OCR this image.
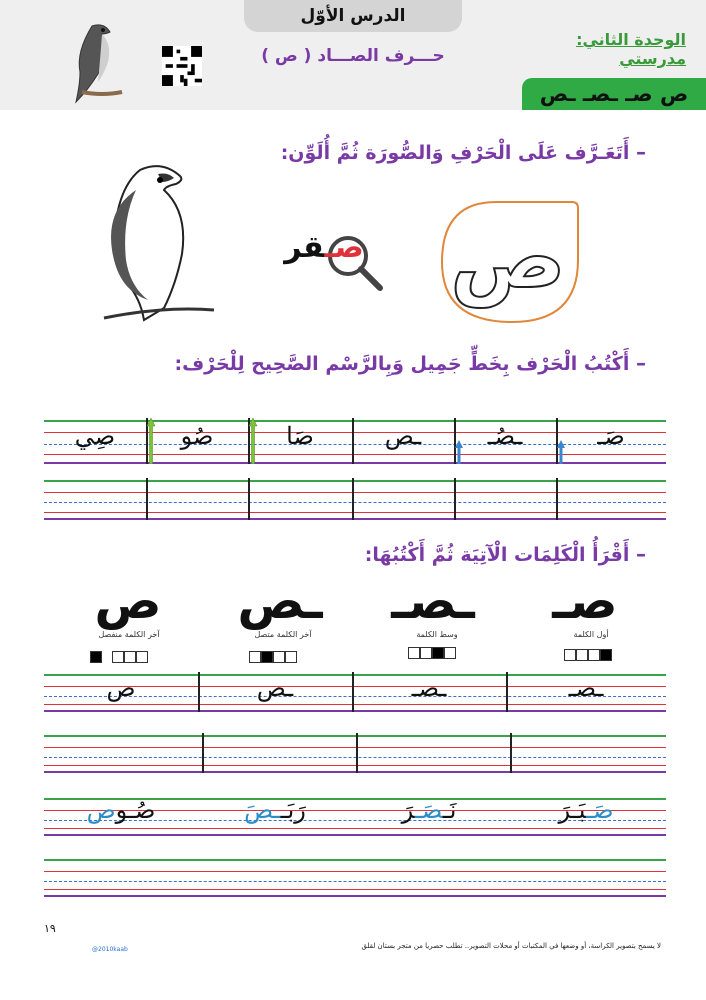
الدرس الأوّل
حـــرف الصـــاد ( ص )
الوحدة الثاني: مدرستي
ص صـ ـصـ ـص
– أَتَعَـرَّف عَلَى الْحَرْفِ وَالصُّورَة ثُمَّ أُلَوِّن:
ص
صـقر
– أَكْتُبُ الْحَرْف بِخَطٍّ جَمِيل وَبِالرَّسْم الصَّحِيح لِلْحَرْف:
صَـ
ـصُـ
ـص
صَا
صُو
صِي
– أَقْرَأُ الْكَلِمَات الْآتِيَة ثُمَّ أَكْتُبُهَا:
صـ
ـصـ
ـص
ص
أول الكلمة
وسط الكلمة
آخر الكلمة متصل
آخر الكلمة منفصل
ـصـ
ـصـ
ـص
ص
صَـبَـرَ
نَـصَـرَ
رَبَــصَ
صُـوص
١٩
لا يسمح بتصوير الكراسة، أو وضعها في المكتبات أو محلات التصوير.. تطلب حصريا من متجر بستان لقلق
@2010kaab
